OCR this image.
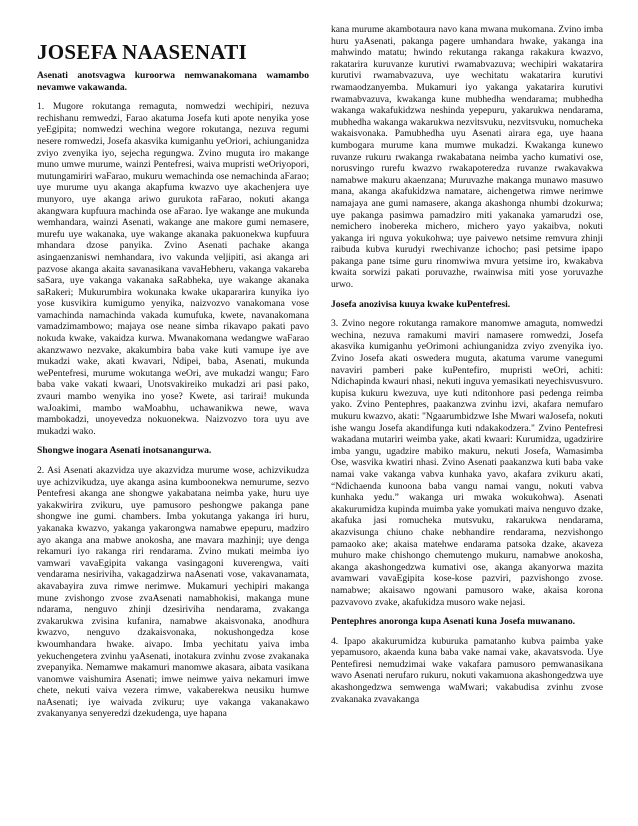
JOSEFA NAASENATI

Asenati anotsvagwa kuroorwa nemwanakomana wamambo nevamwe vakawanda.

1. Mugore rokutanga remaguta, nomwedzi wechipiri, nezuva rechishanu remwedzi, Farao akatuma Josefa kuti apote nenyika yose yeEgipita; nomwedzi wechina wegore rokutanga, nezuva regumi nesere romwedzi, Josefa akasvika kumiganhu yeOriori, achiunganidza zviyo zvenyika iyo, sejecha regungwa. Zvino muguta iro makange muno umwe murume, wainzi Pentefresi, waiva mupristi weOriyopori, mutungamiriri waFarao, mukuru wemachinda ose nemachinda aFarao; uye murume uyu akanga akapfuma kwazvo uye akachenjera uye munyoro, uye akanga ariwo gurukota raFarao, nokuti akanga akangwara kupfuura machinda ose aFarao. Iye wakange ane mukunda wemhandara, wainzi Asenati, wakange ane makore gumi nemasere, murefu uye wakanaka, uye wakange akanaka pakuonekwa kupfuura mhandara dzose panyika. Zvino Asenati pachake akanga asingaenzaniswi nemhandara, ivo vakunda veljipiti, asi akanga ari pazvose akanga akaita savanasikana vavaHebheru, vakanga vakareba saSara, uye vakanga vakanaka saRabheka, uye wakange akanaka saRakeri; Mukurumbira wokunaka kwake ukapararira kunyika iyo yose kusvikira kumigumo yenyika, naizvozvo vanakomana vose vamachinda namachinda vakada kumufuka, kwete, navanakomana vamadzimambowo; majaya ose neane simba rikavapo pakati pavo nokuda kwake, vakaidza kurwa. Mwanakomana wedangwe waFarao akanzwawo nezvake, akakumbira baba vake kuti vamupe iye ave mukadzi wake, akati kwavari, Ndipei, baba, Asenati, mukunda wePentefresi, murume wokutanga weOri, ave mukadzi wangu; Faro baba vake vakati kwaari, Unotsvakireiko mukadzi ari pasi pako, zvauri mambo wenyika ino yose? Kwete, asi tarirai! mukunda waJoakimi, mambo waMoabhu, uchawanikwa newe, wava mambokadzi, unoyevedza nokuonekwa. Naizvozvo tora uyu ave mukadzi wako.

Shongwe inogara Asenati inotsanangurwa.

2. Asi Asenati akazvidza uye akazvidza murume wose, achizvikudza uye achizvikudza, uye akanga asina kumboonekwa nemurume, sezvo Pentefresi akanga ane shongwe yakabatana neimba yake, huru uye yakakwirira zvikuru, uye pamusoro peshongwe pakanga pane shongwe ine gumi. chambers. Imba yokutanga yakanga iri huru, yakanaka kwazvo, yakanga yakarongwa namabwe epepuru, madziro ayo akanga ana mabwe anokosha, ane mavara mazhinji; uye denga rekamuri iyo rakanga riri rendarama. Zvino mukati meimba iyo vamwari vavaEgipita vakanga vasingagoni kuverengwa, vaiti vendarama nesiriviha, vakagadzirwa naAsenati vose, vakavanamata, akavabayira zuva rimwe nerimwe. Mukamuri yechipiri makanga mune zvishongo zvose zvaAsenati namabhokisi, makanga mune ndarama, nenguvo zhinji dzesiriviha nendarama, zvakanga zvakarukwa zvisina kufanira, namabwe akaisvonaka, anodhura kwazvo, nenguvo dzakaisvonaka, nokushongedza kose kwoumhandara hwake. aivapo. Imba yechitatu yaiva imba yekuchengetera zvinhu yaAsenati, inotakura zvinhu zvose zvakanaka zvepanyika. Nemamwe makamuri manomwe akasara, aibata vasikana vanomwe vaishumira Asenati; imwe neimwe yaiva nekamuri imwe chete, nekuti vaiva vezera rimwe, vakaberekwa neusiku humwe naAsenati; iye waivada zvikuru; uye vakanga vakanakawo zvakanyanya senyeredzi dzekudenga, uye hapana

kana murume akambotaura navo kana mwana mukomana. Zvino imba huru yaAsenati, pakanga pagere umhandara hwake, yakanga ina mahwindo matatu; hwindo rekutanga rakanga rakakura kwazvo, rakatarira kuruvanze kurutivi rwamabvazuva; wechipiri wakatarira kurutivi rwamabvazuva, uye wechitatu wakatarira kurutivi rwamaodzanyemba. Mukamuri iyo yakanga yakatarira kurutivi rwamabvazuva, kwakanga kune mubhedha wendarama; mubhedha wakanga wakafukidzwa neshinda yepepuru, yakarukwa nendarama, mubhedha wakanga wakarukwa nezvitsvuku, nezvitsvuku, nomucheka wakaisvonaka. Pamubhedha uyu Asenati airara ega, uye haana kumbogara murume kana mumwe mukadzi. Kwakanga kunewo ruvanze rukuru rwakanga rwakabatana neimba yacho kumativi ose, norusvingo rurefu kwazvo rwakapoteredza ruvanze rwakavakwa namabwe makuru akaenzana; Muruvazhe makanga munawo masuwo mana, akanga akafukidzwa namatare, aichengetwa rimwe nerimwe namajaya ane gumi namasere, akanga akashonga nhumbi dzokurwa; uye pakanga pasimwa pamadziro miti yakanaka yamarudzi ose, nemichero inobereka michero, michero yayo yakaibva, nokuti yakanga iri nguva yokukohwa; uye paivewo netsime remvura zhinji raibuda kubva kurudyi rwechivanze ichocho; pasi petsime ipapo pakanga pane tsime guru rinomwiwa mvura yetsime iro, kwakabva kwaita sorwizi pakati poruvazhe, rwainwisa miti yose yoruvazhe urwo.

Josefa anozivisa kuuya kwake kuPentefresi.

3. Zvino negore rokutanga ramakore manomwe amaguta, nomwedzi wechina, nezuva ramakumi maviri namasere romwedzi, Josefa akasvika kumiganhu yeOrimoni achiunganidza zviyo zvenyika iyo. Zvino Josefa akati oswedera muguta, akatuma varume vanegumi navaviri pamberi pake kuPentefiro, mupristi weOri, achiti: Ndichapinda kwauri nhasi, nekuti inguva yemasikati neyechisvusvuro. kupisa kukuru kwezuva, uye kuti nditonhore pasi pedenga reimba yako. Zvino Pentephres, paakanzwa zvinhu izvi, akafara nemufaro mukuru kwazvo, akati: "Ngaarumbidzwe Ishe Mwari waJosefa, nokuti ishe wangu Josefa akandifunga kuti ndakakodzera." Zvino Pentefresi wakadana mutariri weimba yake, akati kwaari: Kurumidza, ugadzirire imba yangu, ugadzire mabiko makuru, nekuti Josefa, Wamasimba Ose, wasvika kwatiri nhasi. Zvino Asenati paakanzwa kuti baba vake namai vake vakanga vabva kunhaka yavo, akafara zvikuru akati, “Ndichaenda kunoona baba vangu namai vangu, nokuti vabva kunhaka yedu.” wakanga uri mwaka wokukohwa). Asenati akakurumidza kupinda muimba yake yomukati maiva nenguvo dzake, akafuka jasi romucheka mutsvuku, rakarukwa nendarama, akazvisunga chiuno chake nebhandire rendarama, nezvishongo pamaoko ake; akaisa matehwe endarama patsoka dzake, akaveza muhuro make chishongo chemutengo mukuru, namabwe anokosha, akanga akashongedzwa kumativi ose, akanga akanyorwa mazita avamwari vavaEgipita kose-kose pazviri, pazvishongo zvose. namabwe; akaisawo ngowani pamusoro wake, akaisa korona pazvavovo zvake, akafukidza musoro wake nejasi.

Pentephres anoronga kupa Asenati kuna Josefa muwanano.

4. Ipapo akakurumidza kuburuka pamatanho kubva paimba yake yepamusoro, akaenda kuna baba vake namai vake, akavatsvoda. Uye Pentefiresi nemudzimai wake vakafara pamusoro pemwanasikana wavo Asenati nerufaro rukuru, nokuti vakamuona akashongedzwa uye akashongedzwa semwenga waMwari; vakabudisa zvinhu zvose zvakanaka zvavakanga
